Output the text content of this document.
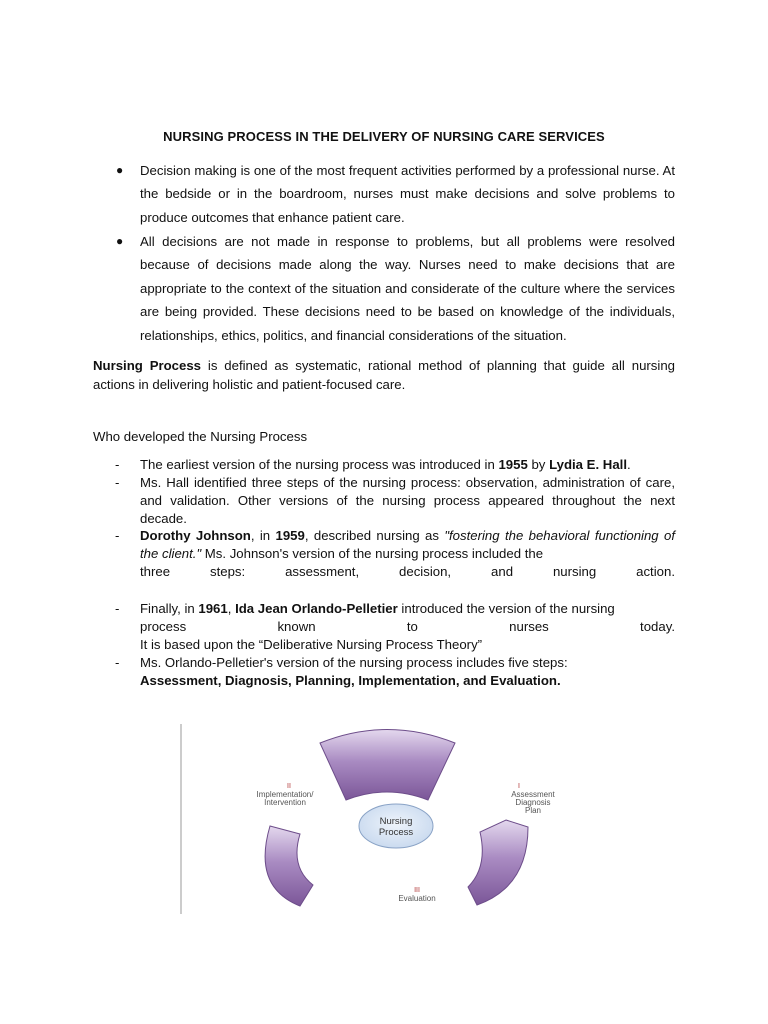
NURSING PROCESS IN THE DELIVERY OF NURSING CARE SERVICES
● Decision making is one of the most frequent activities performed by a professional nurse. At the bedside or in the boardroom, nurses must make decisions and solve problems to produce outcomes that enhance patient care.
● All decisions are not made in response to problems, but all problems were resolved because of decisions made along the way. Nurses need to make decisions that are appropriate to the context of the situation and considerate of the culture where the services are being provided. These decisions need to be based on knowledge of the individuals, relationships, ethics, politics, and financial considerations of the situation.
Nursing Process is defined as systematic, rational method of planning that guide all nursing actions in delivering holistic and patient-focused care.
Who developed the Nursing Process
- The earliest version of the nursing process was introduced in 1955 by Lydia E. Hall.
- Ms. Hall identified three steps of the nursing process: observation, administration of care, and validation. Other versions of the nursing process appeared throughout the next decade.
- Dorothy Johnson, in 1959, described nursing as "fostering the behavioral functioning of the client." Ms. Johnson's version of the nursing process included the
three steps: assessment, decision, and nursing action.
- Finally, in 1961, Ida Jean Orlando-Pelletier introduced the version of the nursing
process known to nurses today.
It is based upon the “Deliberative Nursing Process Theory”
- Ms. Orlando-Pelletier's version of the nursing process includes five steps:
Assessment, Diagnosis, Planning, Implementation, and Evaluation.
Nursing
Process
II
Implementation/
Intervention
I
Assessment
Diagnosis
Plan
III
Evaluation
